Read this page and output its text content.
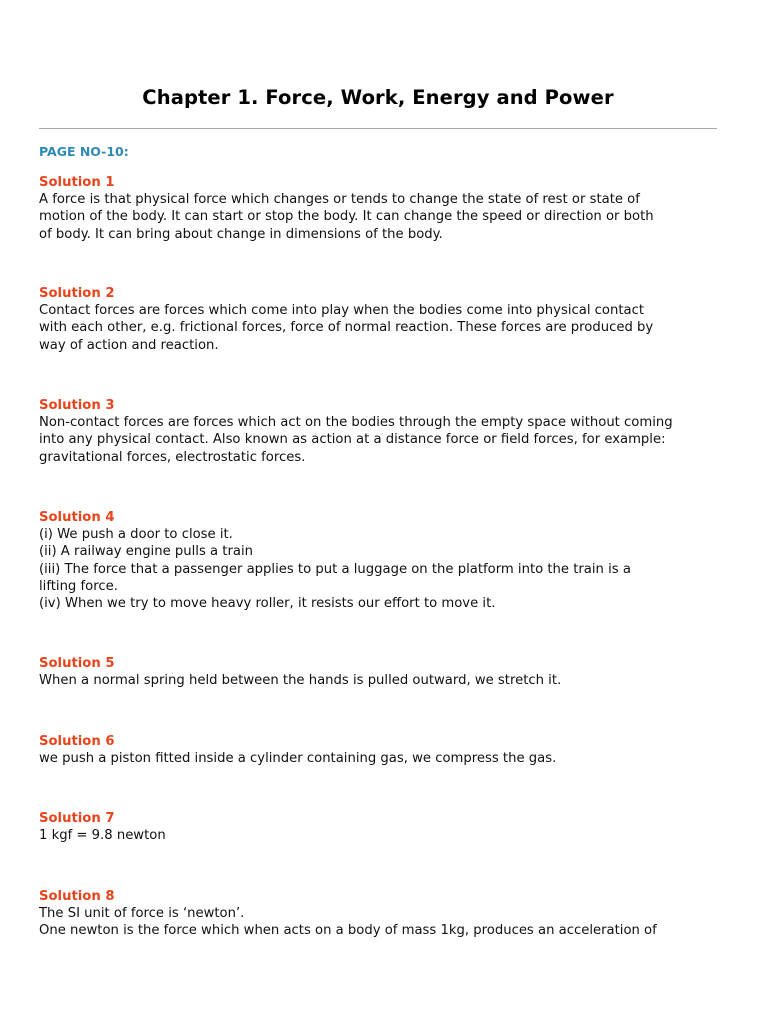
Chapter 1. Force, Work, Energy and Power

PAGE NO-10:

Solution 1
A force is that physical force which changes or tends to change the state of rest or state of
motion of the body. It can start or stop the body. It can change the speed or direction or both
of body. It can bring about change in dimensions of the body.
Solution 2
Contact forces are forces which come into play when the bodies come into physical contact
with each other, e.g. frictional forces, force of normal reaction. These forces are produced by
way of action and reaction.
Solution 3
Non-contact forces are forces which act on the bodies through the empty space without coming
into any physical contact. Also known as action at a distance force or field forces, for example:
gravitational forces, electrostatic forces.
Solution 4
(i) We push a door to close it.
(ii) A railway engine pulls a train
(iii) The force that a passenger applies to put a luggage on the platform into the train is a
lifting force.
(iv) When we try to move heavy roller, it resists our effort to move it.
Solution 5
When a normal spring held between the hands is pulled outward, we stretch it.
Solution 6
we push a piston fitted inside a cylinder containing gas, we compress the gas.
Solution 7
1 kgf = 9.8 newton
Solution 8
The SI unit of force is ‘newton’.
One newton is the force which when acts on a body of mass 1kg, produces an acceleration of
